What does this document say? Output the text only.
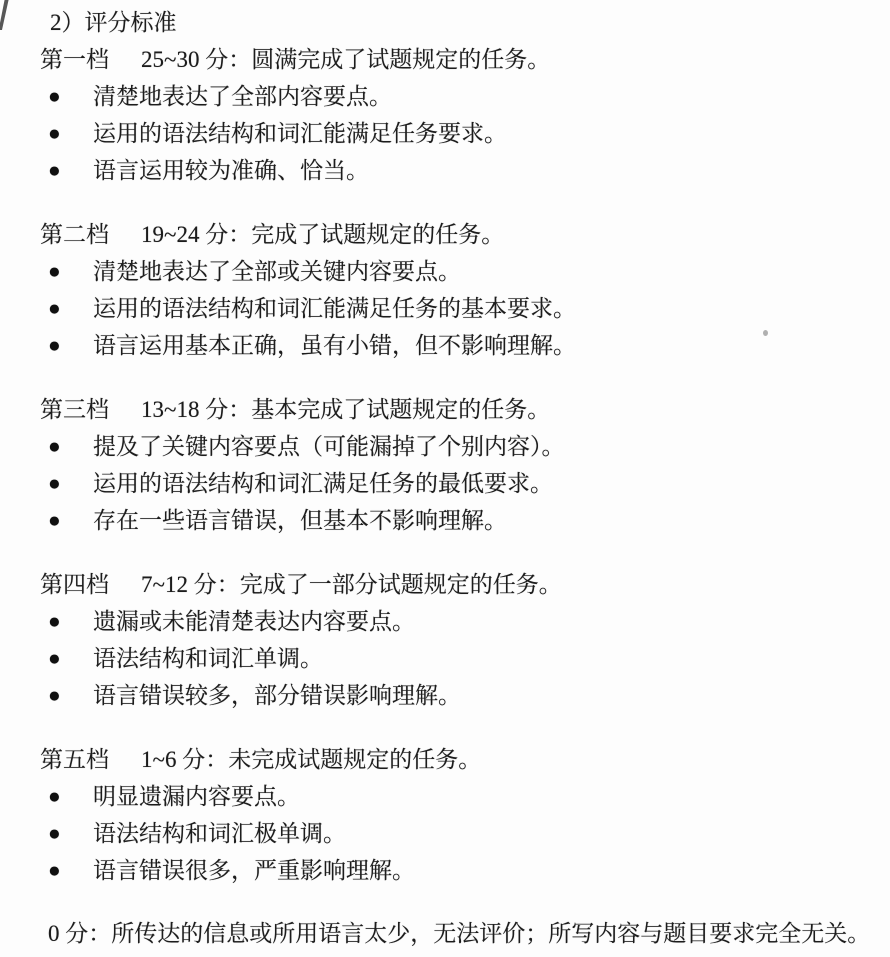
2）评分标准

第一档 25~30 分：圆满完成了试题规定的任务。

●	清楚地表达了全部内容要点。
●	运用的语法结构和词汇能满足任务要求。
●	语言运用较为准确、恰当。

第二档 19~24 分：完成了试题规定的任务。

●	清楚地表达了全部或关键内容要点。
●	运用的语法结构和词汇能满足任务的基本要求。
●	语言运用基本正确，虽有小错，但不影响理解。

第三档 13~18 分：基本完成了试题规定的任务。

●	提及了关键内容要点（可能漏掉了个别内容）。
●	运用的语法结构和词汇满足任务的最低要求。
●	存在一些语言错误，但基本不影响理解。

第四档 7~12 分：完成了一部分试题规定的任务。

●	遗漏或未能清楚表达内容要点。
●	语法结构和词汇单调。
●	语言错误较多，部分错误影响理解。

第五档 1~6 分：未完成试题规定的任务。

●	明显遗漏内容要点。
●	语法结构和词汇极单调。
●	语言错误很多，严重影响理解。

0 分：所传达的信息或所用语言太少，无法评价；所写内容与题目要求完全无关。
